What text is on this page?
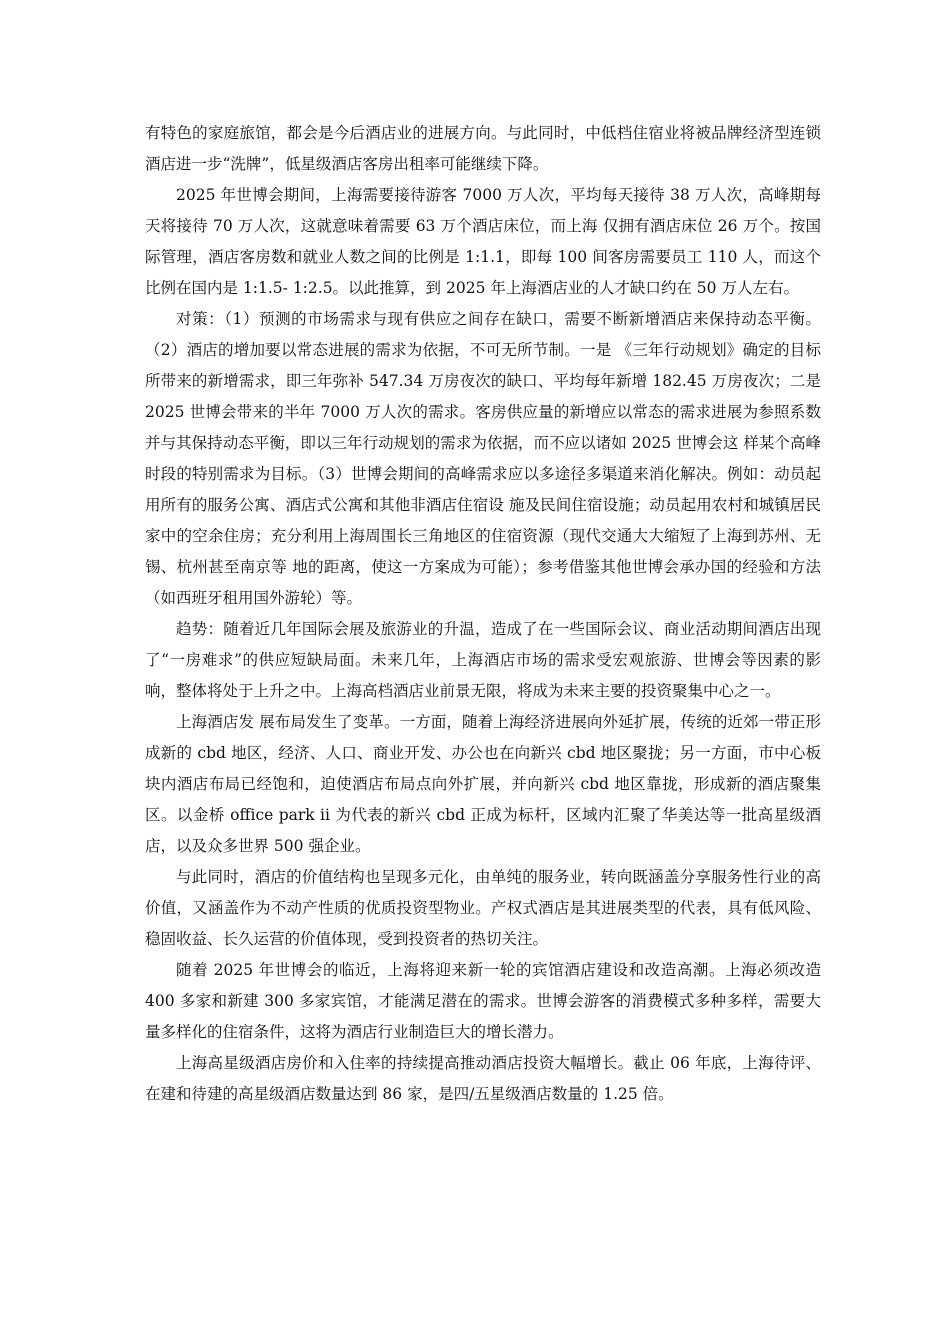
有特色的家庭旅馆，都会是今后酒店业的进展方向。与此同时，中低档住宿业将被品牌经济型连锁酒店进一步“洗牌”，低星级酒店客房出租率可能继续下降。

2025 年世博会期间，上海需要接待游客 7000 万人次，平均每天接待 38 万人次，高峰期每天将接待 70 万人次，这就意味着需要 63 万个酒店床位，而上海 仅拥有酒店床位 26 万个。按国际管理，酒店客房数和就业人数之间的比例是 1:1.1，即每 100 间客房需要员工 110 人，而这个比例在国内是 1:1.5- 1:2.5。以此推算，到 2025 年上海酒店业的人才缺口约在 50 万人左右。

对策：（1）预测的市场需求与现有供应之间存在缺口，需要不断新增酒店来保持动态平衡。（2）酒店的增加要以常态进展的需求为依据，不可无所节制。一是 《三年行动规划》确定的目标所带来的新增需求，即三年弥补 547.34 万房夜次的缺口、平均每年新增 182.45 万房夜次；二是 2025 世博会带来的半年 7000 万人次的需求。客房供应量的新增应以常态的需求进展为参照系数并与其保持动态平衡，即以三年行动规划的需求为依据，而不应以诸如 2025 世博会这 样某个高峰时段的特别需求为目标。（3）世博会期间的高峰需求应以多途径多渠道来消化解决。例如：动员起用所有的服务公寓、酒店式公寓和其他非酒店住宿设 施及民间住宿设施；动员起用农村和城镇居民家中的空余住房；充分利用上海周围长三角地区的住宿资源（现代交通大大缩短了上海到苏州、无锡、杭州甚至南京等 地的距离，使这一方案成为可能）；参考借鉴其他世博会承办国的经验和方法（如西班牙租用国外游轮）等。

趋势：随着近几年国际会展及旅游业的升温，造成了在一些国际会议、商业活动期间酒店出现了“一房难求”的供应短缺局面。未来几年，上海酒店市场的需求受宏观旅游、世博会等因素的影响，整体将处于上升之中。上海高档酒店业前景无限，将成为未来主要的投资聚集中心之一。

上海酒店发 展布局发生了变革。一方面，随着上海经济进展向外延扩展，传统的近郊一带正形成新的 cbd 地区，经济、人口、商业开发、办公也在向新兴 cbd 地区聚拢；另一方面，市中心板块内酒店布局已经饱和，迫使酒店布局点向外扩展，并向新兴 cbd 地区靠拢，形成新的酒店聚集区。以金桥 office park ii 为代表的新兴 cbd 正成为标杆，区域内汇聚了华美达等一批高星级酒店，以及众多世界 500 强企业。

与此同时，酒店的价值结构也呈现多元化，由单纯的服务业，转向既涵盖分享服务性行业的高价值，又涵盖作为不动产性质的优质投资型物业。产权式酒店是其进展类型的代表，具有低风险、稳固收益、长久运营的价值体现，受到投资者的热切关注。

随着 2025 年世博会的临近，上海将迎来新一轮的宾馆酒店建设和改造高潮。上海必须改造 400 多家和新建 300 多家宾馆，才能满足潜在的需求。世博会游客的消费模式多种多样，需要大量多样化的住宿条件，这将为酒店行业制造巨大的增长潜力。

上海高星级酒店房价和入住率的持续提高推动酒店投资大幅增长。截止 06 年底，上海待评、在建和待建的高星级酒店数量达到 86 家，是四/五星级酒店数量的 1.25 倍。
